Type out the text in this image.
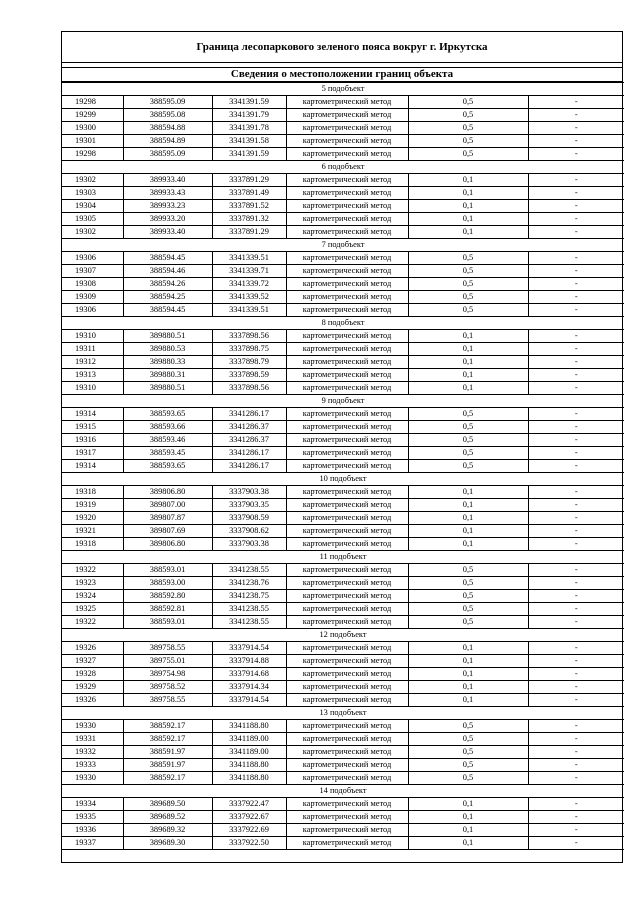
Граница лесопаркового зеленого пояса вокруг г. Иркутска
Сведения о местоположении границ объекта
5 подобъект					
19298	388595.09	3341391.59	картометрический метод	0,5	-
19299	388595.08	3341391.79	картометрический метод	0,5	-
19300	388594.88	3341391.78	картометрический метод	0,5	-
19301	388594.89	3341391.58	картометрический метод	0,5	-
19298	388595.09	3341391.59	картометрический метод	0,5	-
6 подобъект					
19302	389933.40	3337891.29	картометрический метод	0,1	-
19303	389933.43	3337891.49	картометрический метод	0,1	-
19304	389933.23	3337891.52	картометрический метод	0,1	-
19305	389933.20	3337891.32	картометрический метод	0,1	-
19302	389933.40	3337891.29	картометрический метод	0,1	-
7 подобъект					
19306	388594.45	3341339.51	картометрический метод	0,5	-
19307	388594.46	3341339.71	картометрический метод	0,5	-
19308	388594.26	3341339.72	картометрический метод	0,5	-
19309	388594.25	3341339.52	картометрический метод	0,5	-
19306	388594.45	3341339.51	картометрический метод	0,5	-
8 подобъект					
19310	389880.51	3337898.56	картометрический метод	0,1	-
19311	389880.53	3337898.75	картометрический метод	0,1	-
19312	389880.33	3337898.79	картометрический метод	0,1	-
19313	389880.31	3337898.59	картометрический метод	0,1	-
19310	389880.51	3337898.56	картометрический метод	0,1	-
9 подобъект					
19314	388593.65	3341286.17	картометрический метод	0,5	-
19315	388593.66	3341286.37	картометрический метод	0,5	-
19316	388593.46	3341286.37	картометрический метод	0,5	-
19317	388593.45	3341286.17	картометрический метод	0,5	-
19314	388593.65	3341286.17	картометрический метод	0,5	-
10 подобъект					
19318	389806.80	3337903.38	картометрический метод	0,1	-
19319	389807.00	3337903.35	картометрический метод	0,1	-
19320	389807.87	3337908.59	картометрический метод	0,1	-
19321	389807.69	3337908.62	картометрический метод	0,1	-
19318	389806.80	3337903.38	картометрический метод	0,1	-
11 подобъект					
19322	388593.01	3341238.55	картометрический метод	0,5	-
19323	388593.00	3341238.76	картометрический метод	0,5	-
19324	388592.80	3341238.75	картометрический метод	0,5	-
19325	388592.81	3341238.55	картометрический метод	0,5	-
19322	388593.01	3341238.55	картометрический метод	0,5	-
12 подобъект					
19326	389758.55	3337914.54	картометрический метод	0,1	-
19327	389755.01	3337914.88	картометрический метод	0,1	-
19328	389754.98	3337914.68	картометрический метод	0,1	-
19329	389758.52	3337914.34	картометрический метод	0,1	-
19326	389758.55	3337914.54	картометрический метод	0,1	-
13 подобъект					
19330	388592.17	3341188.80	картометрический метод	0,5	-
19331	388592.17	3341189.00	картометрический метод	0,5	-
19332	388591.97	3341189.00	картометрический метод	0,5	-
19333	388591.97	3341188.80	картометрический метод	0,5	-
19330	388592.17	3341188.80	картометрический метод	0,5	-
14 подобъект					
19334	389689.50	3337922.47	картометрический метод	0,1	-
19335	389689.52	3337922.67	картометрический метод	0,1	-
19336	389689.32	3337922.69	картометрический метод	0,1	-
19337	389689.30	3337922.50	картометрический метод	0,1	-
